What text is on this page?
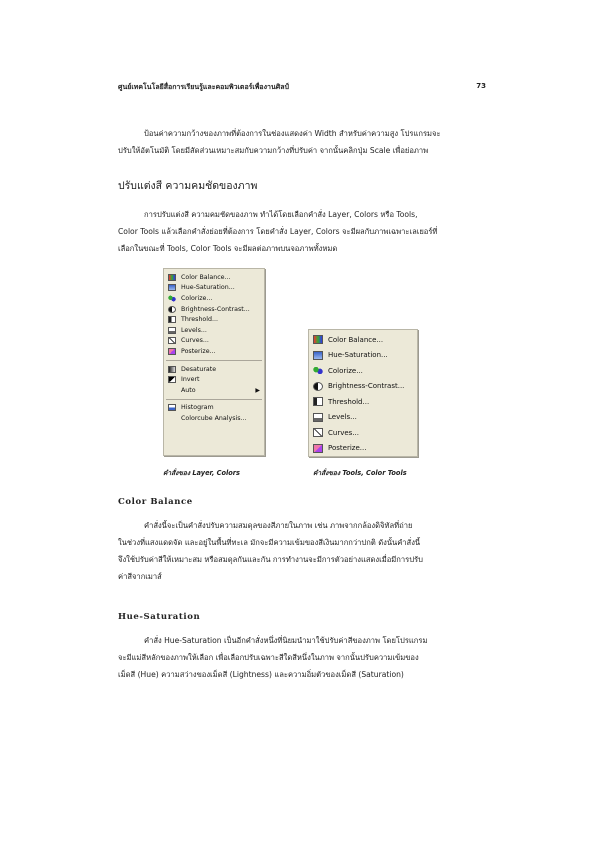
ศูนย์เทคโนโลยีสื่อการเรียนรู้และคอมพิวเตอร์เพื่องานศิลป์	73

ป้อนค่าความกว้างของภาพที่ต้องการในช่องแสดงค่า Width สำหรับค่าความสูง โปรแกรมจะ

ปรับให้อัตโนมัติ โดยมีสัดส่วนเหมาะสมกับความกว้างที่ปรับค่า จากนั้นคลิกปุ่ม Scale เพื่อย่อภาพ

ปรับแต่งสี ความคมชัดของภาพ

การปรับแต่งสี ความคมชัดของภาพ ทำได้โดยเลือกคำสั่ง Layer, Colors หรือ Tools,

Color Tools แล้วเลือกคำสั่งย่อยที่ต้องการ โดยคำสั่ง Layer, Colors จะมีผลกับภาพเฉพาะเลเยอร์ที่

เลือกในขณะที่ Tools, Color Tools จะมีผลต่อภาพบนจอภาพทั้งหมด

Color Balance...
Hue-Saturation...
Colorize...
Brightness-Contrast...
Threshold...
Levels...
Curves...
Posterize...
Desaturate
Invert
Auto	▶
Histogram
Colorcube Analysis...
Color Balance...
Hue-Saturation...
Colorize...
Brightness-Contrast...
Threshold...
Levels...
Curves...
Posterize...
คำสั่งของ Layer, Colors	คำสั่งของ Tools, Color Tools
Color Balance

คำสั่งนี้จะเป็นคำสั่งปรับความสมดุลของสีภายในภาพ เช่น ภาพจากกล้องดิจิทัลที่ถ่าย

ในช่วงที่แสงแดดจัด และอยู่ในพื้นที่ทะเล มักจะมีความเข้มของสีเงินมากกว่าปกติ ดังนั้นคำสั่งนี้

จึงใช้ปรับค่าสีให้เหมาะสม หรือสมดุลกันและกัน การทำงานจะมีการตัวอย่างแสดงเมื่อมีการปรับ

ค่าสีจากเมาส์

Hue-Saturation

คำสั่ง Hue-Saturation เป็นอีกคำสั่งหนึ่งที่นิยมนำมาใช้ปรับค่าสีของภาพ โดยโปรแกรม

จะมีแม่สีหลักของภาพให้เลือก เพื่อเลือกปรับเฉพาะสีใดสีหนึ่งในภาพ จากนั้นปรับความเข้มของ

เม็ดสี (Hue) ความสว่างของเม็ดสี (Lightness) และความอิ่มตัวของเม็ดสี (Saturation)
